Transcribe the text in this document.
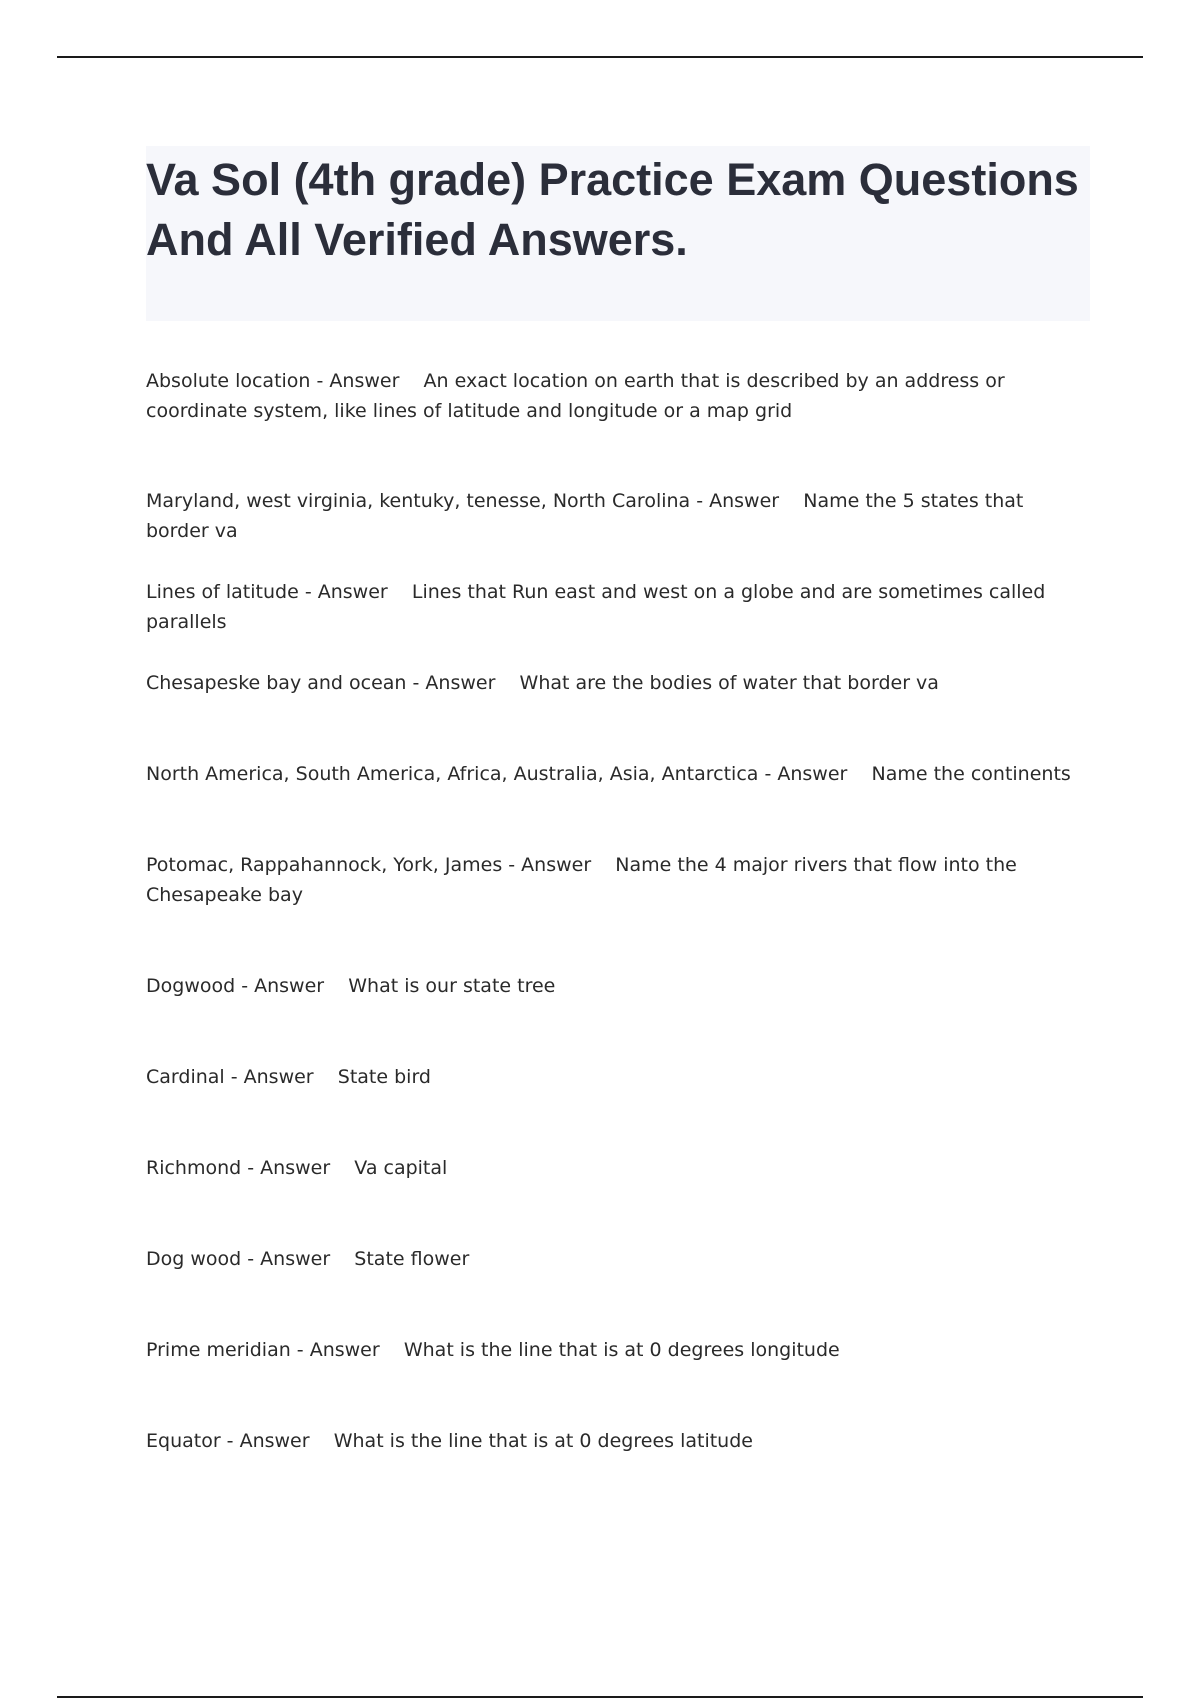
Va Sol (4th grade) Practice Exam Questions And All Verified Answers.
Absolute location - Answer    An exact location on earth that is described by an address or coordinate system, like lines of latitude and longitude or a map grid
Maryland, west virginia, kentuky, tenesse, North Carolina - Answer    Name the 5 states that border va
Lines of latitude - Answer    Lines that Run east and west on a globe and are sometimes called parallels
Chesapeske bay and ocean - Answer    What are the bodies of water that border va
North America, South America, Africa, Australia, Asia, Antarctica - Answer    Name the continents
Potomac, Rappahannock, York, James - Answer    Name the 4 major rivers that flow into the Chesapeake bay
Dogwood - Answer    What is our state tree
Cardinal - Answer    State bird
Richmond - Answer    Va capital
Dog wood - Answer    State flower
Prime meridian - Answer    What is the line that is at 0 degrees longitude
Equator - Answer    What is the line that is at 0 degrees latitude
